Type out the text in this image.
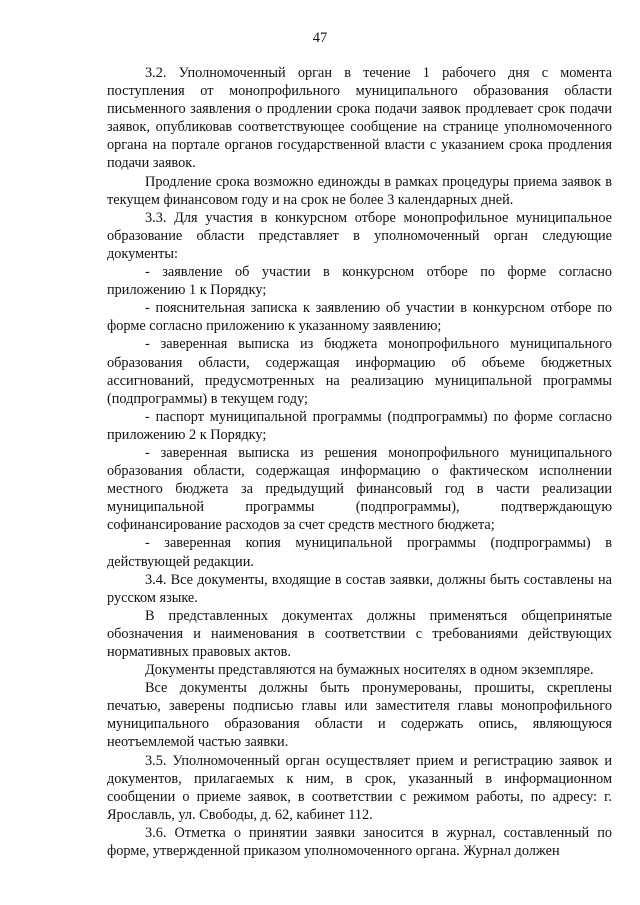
47

3.2. Уполномоченный орган в течение 1 рабочего дня с момента поступления от монопрофильного муниципального образования области письменного заявления о продлении срока подачи заявок продлевает срок подачи заявок, опубликовав соответствующее сообщение на странице уполномоченного органа на портале органов государственной власти с указанием срока продления подачи заявок.

Продление срока возможно единожды в рамках процедуры приема заявок в текущем финансовом году и на срок не более 3 календарных дней.

3.3. Для участия в конкурсном отборе монопрофильное муниципальное образование области представляет в уполномоченный орган следующие документы:

- заявление об участии в конкурсном отборе по форме согласно приложению 1 к Порядку;

- пояснительная записка к заявлению об участии в конкурсном отборе по форме согласно приложению к указанному заявлению;

- заверенная выписка из бюджета монопрофильного муниципального образования области, содержащая информацию об объеме бюджетных ассигнований, предусмотренных на реализацию муниципальной программы (подпрограммы) в текущем году;

- паспорт муниципальной программы (подпрограммы) по форме согласно приложению 2 к Порядку;

- заверенная выписка из решения монопрофильного муниципального образования области, содержащая информацию о фактическом исполнении местного бюджета за предыдущий финансовый год в части реализации муниципальной программы (подпрограммы), подтверждающую софинансирование расходов за счет средств местного бюджета;

- заверенная копия муниципальной программы (подпрограммы) в действующей редакции.

3.4. Все документы, входящие в состав заявки, должны быть составлены на русском языке.

В представленных документах должны применяться общепринятые обозначения и наименования в соответствии с требованиями действующих нормативных правовых актов.

Документы представляются на бумажных носителях в одном экземпляре.

Все документы должны быть пронумерованы, прошиты, скреплены печатью, заверены подписью главы или заместителя главы монопрофильного муниципального образования области и содержать опись, являющуюся неотъемлемой частью заявки.

3.5. Уполномоченный орган осуществляет прием и регистрацию заявок и документов, прилагаемых к ним, в срок, указанный в информационном сообщении о приеме заявок, в соответствии с режимом работы, по адресу: г. Ярославль, ул. Свободы, д. 62, кабинет 112.

3.6. Отметка о принятии заявки заносится в журнал, составленный по форме, утвержденной приказом уполномоченного органа. Журнал должен
